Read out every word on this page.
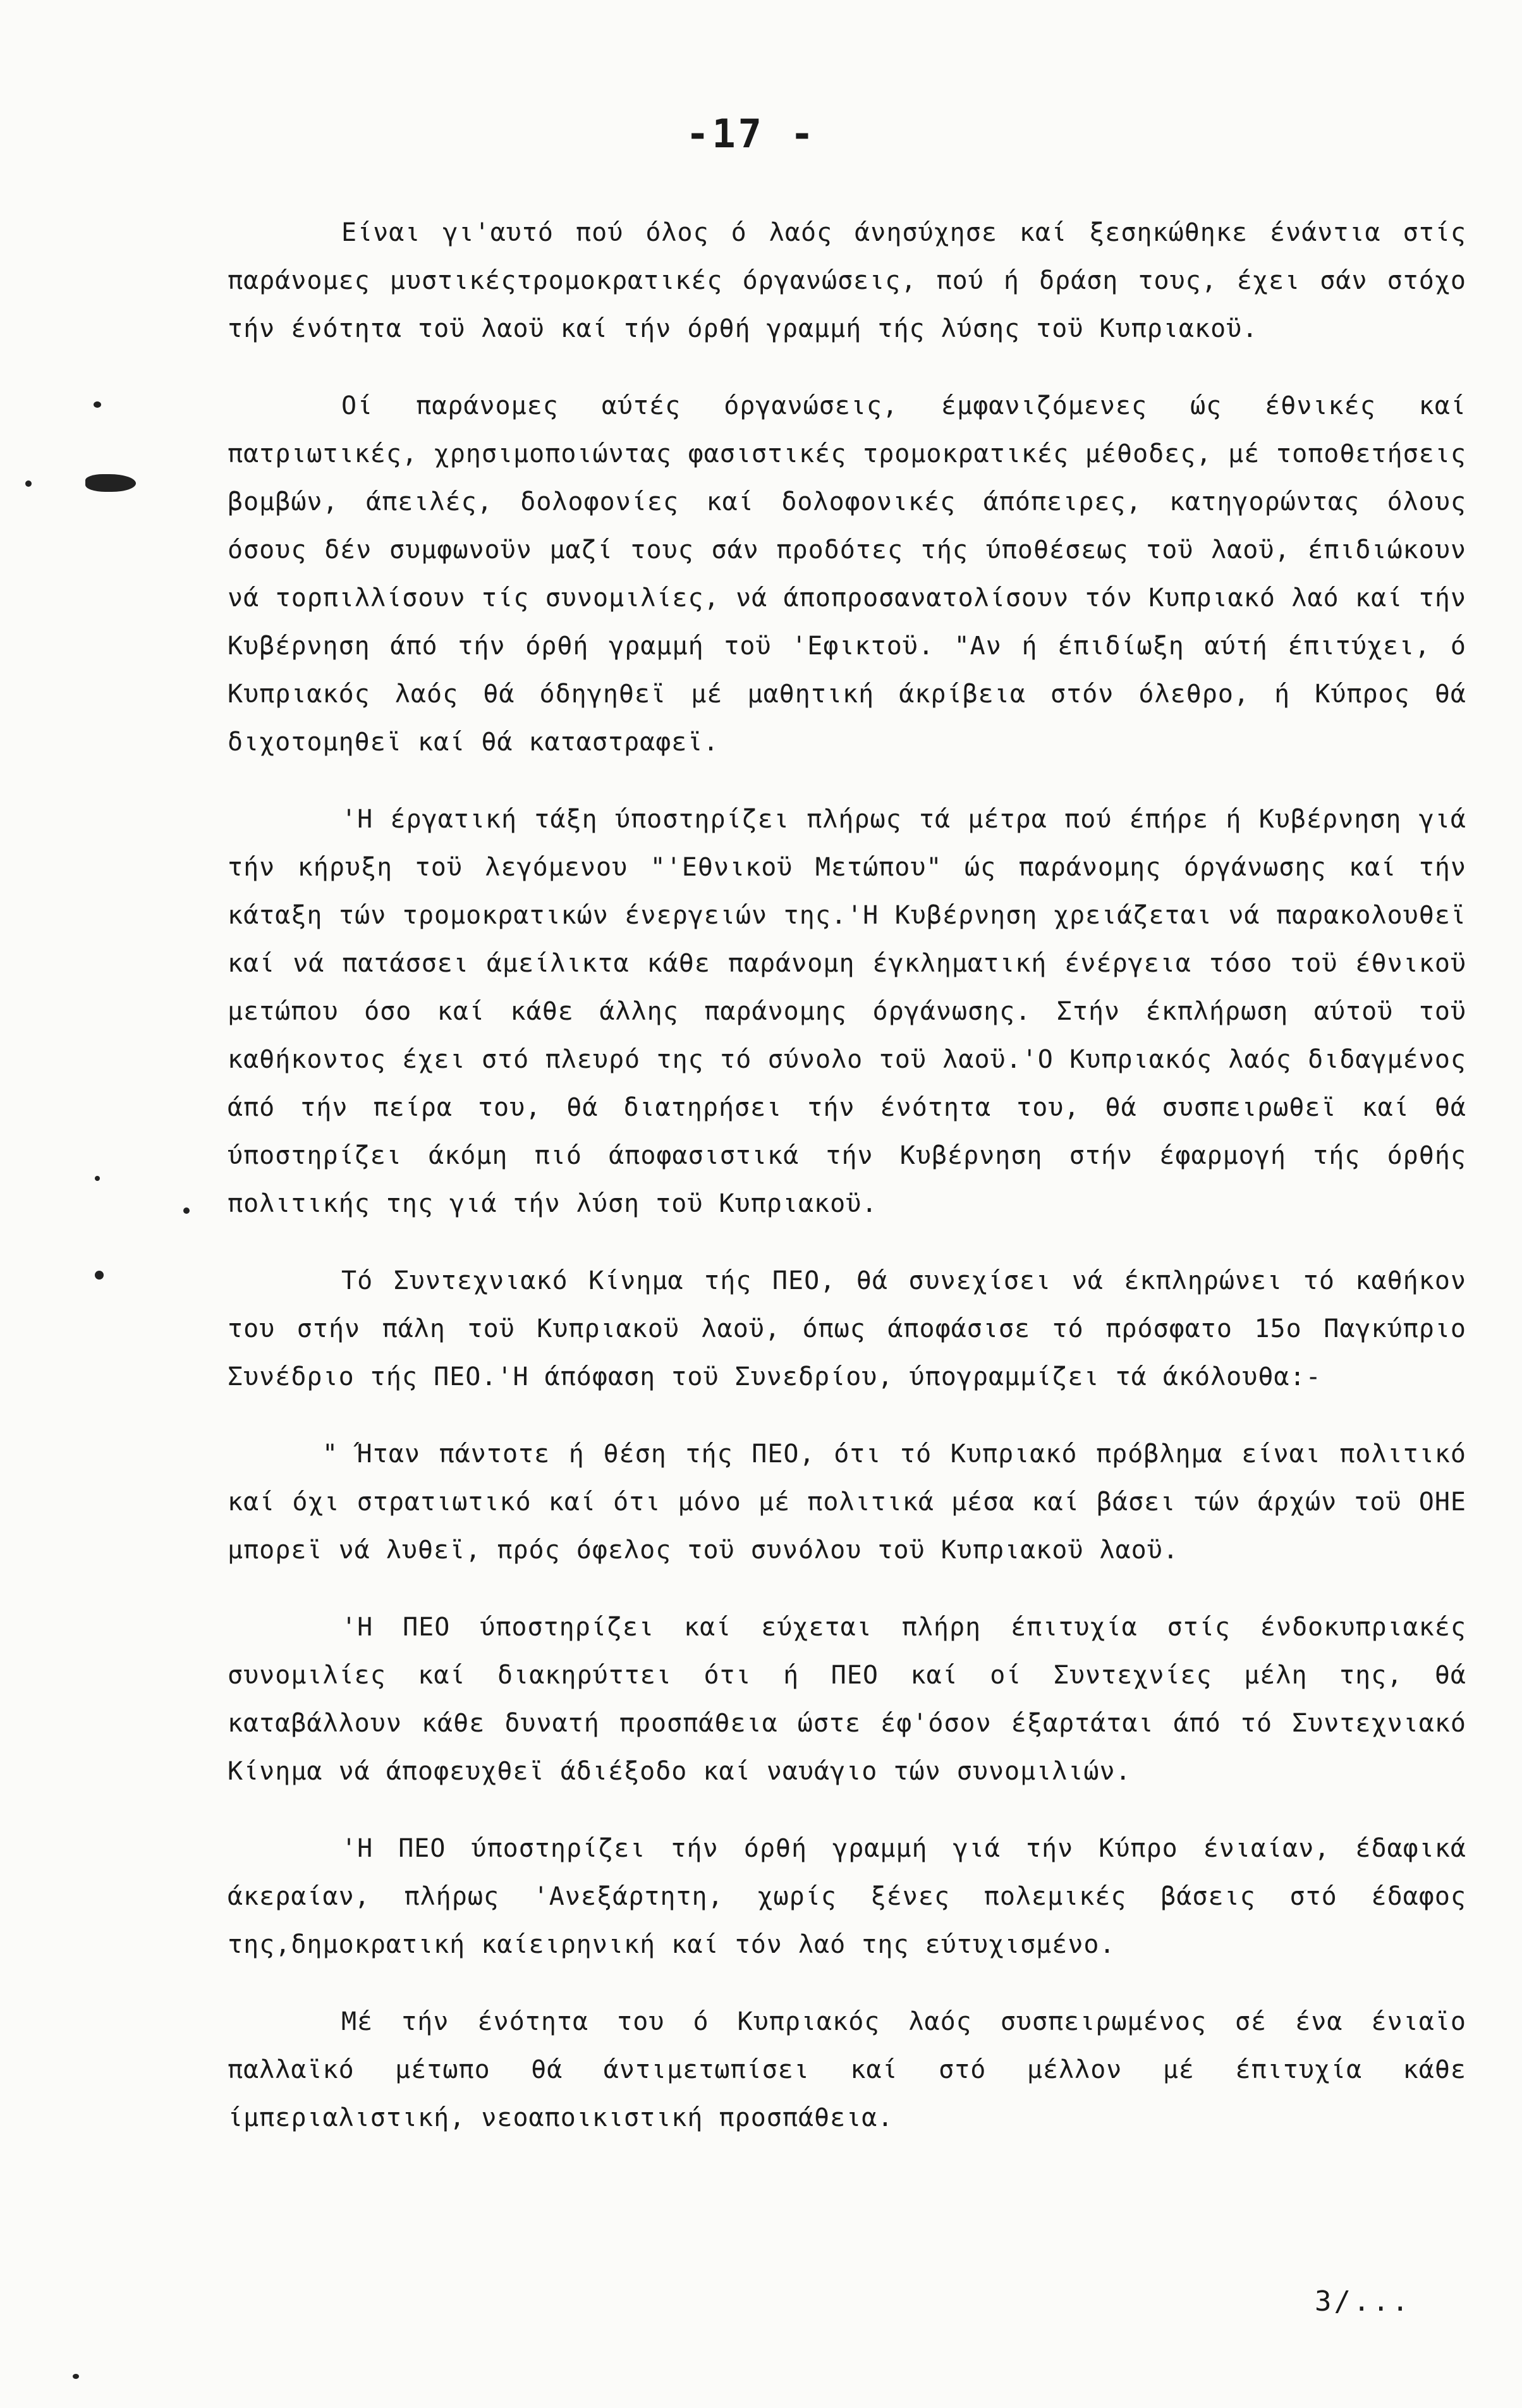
-17 -

Είναι γι'αυτό πού όλος ό λαός άνησύχησε καί ξεσηκώθηκε ένάντια στίς παράνομες μυστικέςτρομοκρατικές όργανώσεις, πού ή δράση τους, έχει σάν στόχο τήν ένότητα τοϋ λαοϋ καί τήν όρθή γραμμή τής λύσης τοϋ Κυπριακοϋ.

Οί παράνομες αύτές όργανώσεις, έμφανιζόμενες ώς έθνικές καί πατριωτικές, χρησιμοποιώντας φασιστικές τρομοκρατικές μέθοδες, μέ τοποθετήσεις βομβών, άπειλές, δολοφονίες καί δολοφονικές άπόπειρες, κατηγορώντας όλους όσους δέν συμφωνοϋν μαζί τους σάν προδότες τής ύποθέσεως τοϋ λαοϋ, έπιδιώκουν νά τορπιλλίσουν τίς συνομιλίες, νά άποπροσανατολίσουν τόν Κυπριακό λαό καί τήν Κυβέρνηση άπό τήν όρθή γραμμή τοϋ 'Εφικτοϋ. "Αν ή έπιδίωξη αύτή έπιτύχει, ό Κυπριακός λαός θά όδηγηθεϊ μέ μαθητική άκρίβεια στόν όλεθρο, ή Κύπρος θά διχοτομηθεϊ καί θά καταστραφεϊ.

'Η έργατική τάξη ύποστηρίζει πλήρως τά μέτρα πού έπήρε ή Κυβέρνηση γιά τήν κήρυξη τοϋ λεγόμενου "'Εθνικοϋ Μετώπου" ώς παράνομης όργάνωσης καί τήν κάταξη τών τρομοκρατικών ένεργειών της.'Η Κυβέρνηση χρειάζεται νά παρακολουθεϊ καί νά πατάσσει άμείλικτα κάθε παράνομη έγκληματική ένέργεια τόσο τοϋ έθνικοϋ μετώπου όσο καί κάθε άλλης παράνομης όργάνωσης. Στήν έκπλήρωση αύτοϋ τοϋ καθήκοντος έχει στό πλευρό της τό σύνολο τοϋ λαοϋ.'Ο Κυπριακός λαός διδαγμένος άπό τήν πείρα του, θά διατηρήσει τήν ένότητα του, θά συσπειρωθεϊ καί θά ύποστηρίζει άκόμη πιό άποφασιστικά τήν Κυβέρνηση στήν έφαρμογή τής όρθής πολιτικής της γιά τήν λύση τοϋ Κυπριακοϋ.

Τό Συντεχνιακό Κίνημα τής ΠΕΟ, θά συνεχίσει νά έκπληρώνει τό καθήκον του στήν πάλη τοϋ Κυπριακοϋ λαοϋ, όπως άποφάσισε τό πρόσφατο 15ο Παγκύπριο Συνέδριο τής ΠΕΟ.'Η άπόφαση τοϋ Συνεδρίου, ύπογραμμίζει τά άκόλουθα:-

" Ήταν πάντοτε ή θέση τής ΠΕΟ, ότι τό Κυπριακό πρόβλημα είναι πολιτικό καί όχι στρατιωτικό καί ότι μόνο μέ πολιτικά μέσα καί βάσει τών άρχών τοϋ ΟΗΕ μπορεϊ νά λυθεϊ, πρός όφελος τοϋ συνόλου τοϋ Κυπριακοϋ λαοϋ.

'Η ΠΕΟ ύποστηρίζει καί εύχεται πλήρη έπιτυχία στίς ένδοκυπριακές συνομιλίες καί διακηρύττει ότι ή ΠΕΟ καί οί Συντεχνίες μέλη της, θά καταβάλλουν κάθε δυνατή προσπάθεια ώστε έφ'όσον έξαρτάται άπό τό Συντεχνιακό Κίνημα νά άποφευχθεϊ άδιέξοδο καί ναυάγιο τών συνομιλιών.

'Η ΠΕΟ ύποστηρίζει τήν όρθή γραμμή γιά τήν Κύπρο ένιαίαν, έδαφικά άκεραίαν, πλήρως 'Ανεξάρτητη, χωρίς ξένες πολεμικές βάσεις στό έδαφος της,δημοκρατική καίειρηνική καί τόν λαό της εύτυχισμένο.

Μέ τήν ένότητα του ό Κυπριακός λαός συσπειρωμένος σέ ένα ένιαϊο παλλαϊκό μέτωπο θά άντιμετωπίσει καί στό μέλλον μέ έπιτυχία κάθε ίμπεριαλιστική, νεοαποικιστική προσπάθεια.

3/...
